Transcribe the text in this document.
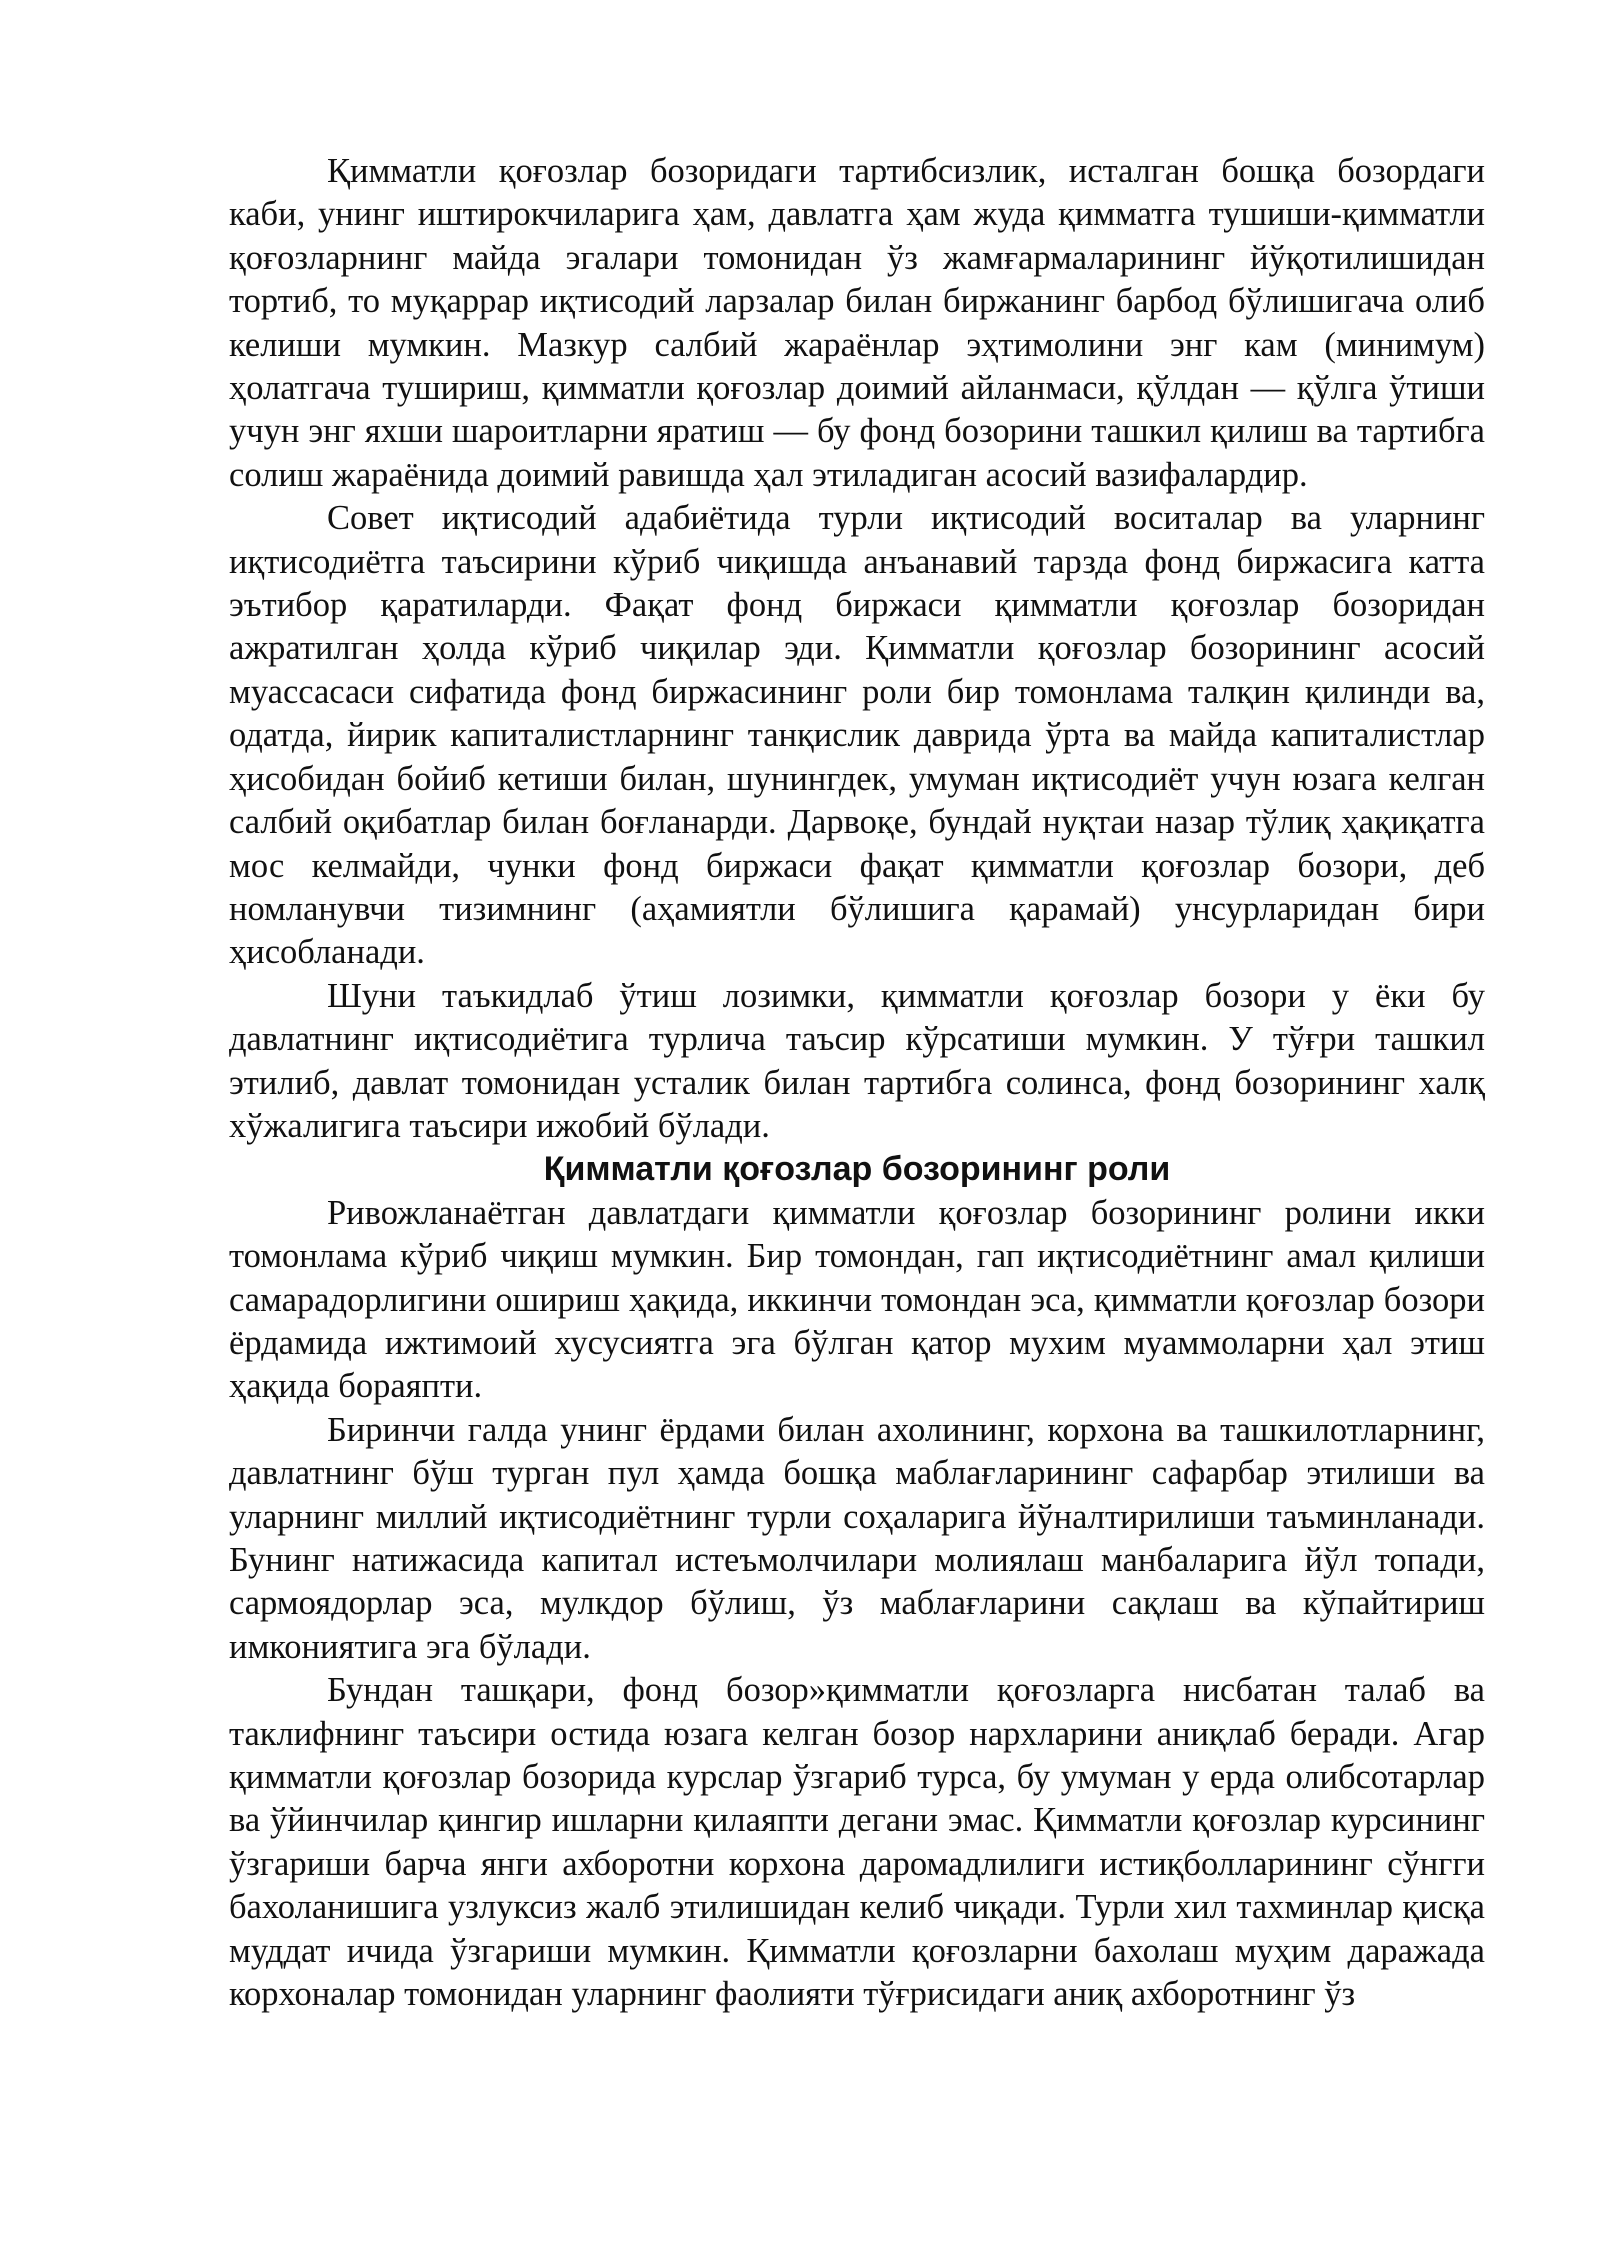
Қимматли қоғозлар бозоридаги тартибсизлик, исталган бошқа бозордаги каби, унинг иштирокчиларига ҳам, давлатга ҳам жуда қимматга тушиши-қимматли қоғозларнинг майда эгалари томонидан ўз жамғармаларининг йўқотилишидан тортиб, то муқаррар иқтисодий ларзалар билан биржанинг барбод бўлишигача олиб келиши мумкин. Мазкур салбий жараёнлар эҳтимолини энг кам (минимум) ҳолатгача тушириш, қимматли қоғозлар доимий айланмаси, қўлдан — қўлга ўтиши учун энг яхши шароитларни яратиш — бу фонд бозорини ташкил қилиш ва тартибга солиш жараёнида доимий равишда ҳал этиладиган асосий вазифалардир.

Совет иқтисодий адабиётида турли иқтисодий воситалар ва уларнинг иқтисодиётга таъсирини кўриб чиқишда анъанавий тарзда фонд биржасига катта эътибор қаратиларди. Фақат фонд биржаси қимматли қоғозлар бозоридан ажратилган ҳолда кўриб чиқилар эди. Қимматли қоғозлар бозорининг асосий муассасаси сифатида фонд биржасининг роли бир томонлама талқин қилинди ва, одатда, йирик капиталистларнинг танқислик даврида ўрта ва майда капиталистлар ҳисобидан бойиб кетиши билан, шунингдек, умуман иқтисодиёт учун юзага келган салбий оқибатлар билан боғланарди. Дарвоқе, бундай нуқтаи назар тўлиқ ҳақиқатга мос келмайди, чунки фонд биржаси фақат қимматли қоғозлар бозори, деб номланувчи тизимнинг (аҳамиятли бўлишига қарамай) унсурларидан бири ҳисобланади.

Шуни таъкидлаб ўтиш лозимки, қимматли қоғозлар бозори у ёки бу давлатнинг иқтисодиётига турлича таъсир кўрсатиши мумкин. У тўғри ташкил этилиб, давлат томонидан усталик билан тартибга солинса, фонд бозорининг халқ хўжалигига таъсири ижобий бўлади.

Қимматли қоғозлар бозорининг роли

Ривожланаётган давлатдаги қимматли қоғозлар бозорининг ролини икки томонлама кўриб чиқиш мумкин. Бир томондан, гап иқтисодиётнинг амал қилиши самарадорлигини ошириш ҳақида, иккинчи томондан эса, қимматли қоғозлар бозори ёрдамида ижтимоий хусусиятга эга бўлган қатор мухим муаммоларни ҳал этиш ҳақида бораяпти.

Биринчи галда унинг ёрдами билан ахолининг, корхона ва ташкилотларнинг, давлатнинг бўш турган пул ҳамда бошқа маблағларининг сафарбар этилиши ва уларнинг миллий иқтисодиётнинг турли соҳаларига йўналтирилиши таъминланади. Бунинг натижасида капитал истеъмолчилари молиялаш манбаларига йўл топади, сармоядорлар эса, мулкдор бўлиш, ўз маблағларини сақлаш ва кўпайтириш имкониятига эга бўлади.

Бундан ташқари, фонд бозор»қимматли қоғозларга нисбатан талаб ва таклифнинг таъсири остида юзага келган бозор нархларини аниқлаб беради. Агар қимматли қоғозлар бозорида курслар ўзгариб турса, бу умуман у ерда олибсотарлар ва ўйинчилар қингир ишларни қилаяпти дегани эмас. Қимматли қоғозлар курсининг ўзгариши барча янги ахборотни корхона даромадлилиги истиқболларининг сўнгги бахоланишига узлуксиз жалб этилишидан келиб чиқади. Турли хил тахминлар қисқа муддат ичида ўзгариши мумкин. Қимматли қоғозларни бахолаш муҳим даражада корхоналар томонидан уларнинг фаолияти тўғрисидаги аниқ ахборотнинг ўз
